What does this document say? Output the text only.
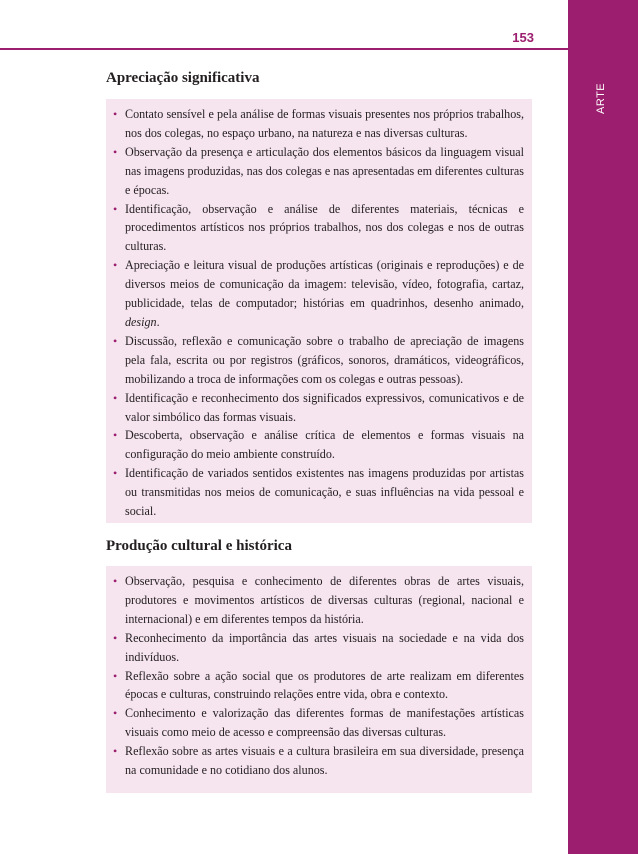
ARTE
153
Apreciação significativa
• Contato sensível e pela análise de formas visuais presentes nos próprios trabalhos, nos dos colegas, no espaço urbano, na natureza e nas diversas culturas.
• Observação da presença e articulação dos elementos básicos da linguagem visual nas imagens produzidas, nas dos colegas e nas apresentadas em diferentes culturas e épocas.
• Identificação, observação e análise de diferentes materiais, técnicas e procedimentos artísticos nos próprios trabalhos, nos dos colegas e nos de outras culturas.
• Apreciação e leitura visual de produções artísticas (originais e reproduções) e de diversos meios de comunicação da imagem: televisão, vídeo, fotografia, cartaz, publicidade, telas de computador; histórias em quadrinhos, desenho animado, design.
• Discussão, reflexão e comunicação sobre o trabalho de apreciação de imagens pela fala, escrita ou por registros (gráficos, sonoros, dramáticos, videográficos, mobilizando a troca de informações com os colegas e outras pessoas).
• Identificação e reconhecimento dos significados expressivos, comunicativos e de valor simbólico das formas visuais.
• Descoberta, observação e análise crítica de elementos e formas visuais na configuração do meio ambiente construído.
• Identificação de variados sentidos existentes nas imagens produzidas por artistas ou transmitidas nos meios de comunicação, e suas influências na vida pessoal e social.
Produção cultural e histórica
• Observação, pesquisa e conhecimento de diferentes obras de artes visuais, produtores e movimentos artísticos de diversas culturas (regional, nacional e internacional) e em diferentes tempos da história.
• Reconhecimento da importância das artes visuais na sociedade e na vida dos indivíduos.
• Reflexão sobre a ação social que os produtores de arte realizam em diferentes épocas e culturas, construindo relações entre vida, obra e contexto.
• Conhecimento e valorização das diferentes formas de manifestações artísticas visuais como meio de acesso e compreensão das diversas culturas.
• Reflexão sobre as artes visuais e a cultura brasileira em sua diversidade, presença na comunidade e no cotidiano dos alunos.
